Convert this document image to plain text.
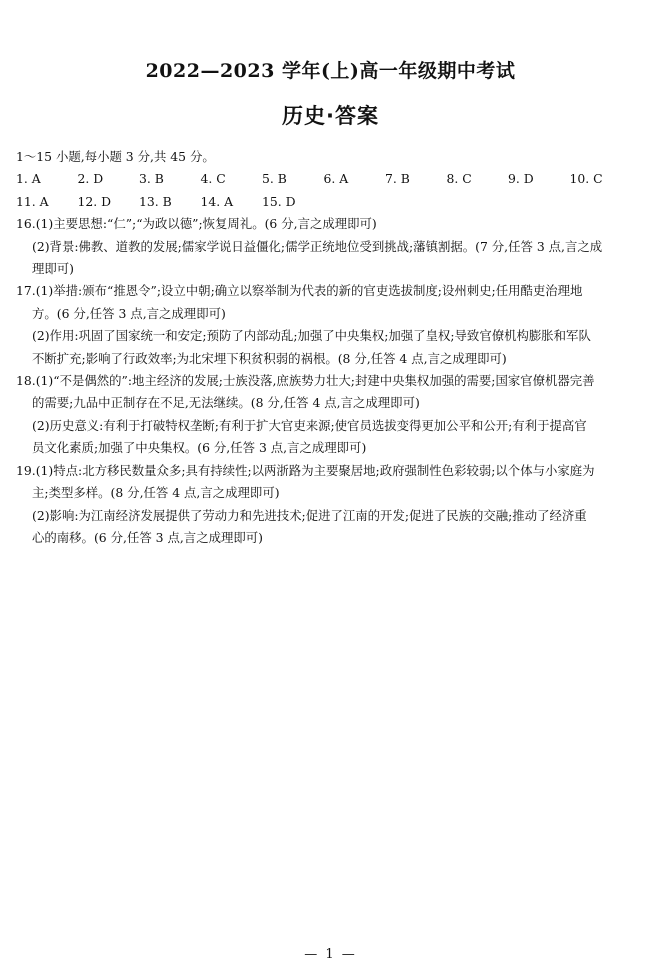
2022—2023 学年(上)高一年级期中考试
历史·答案
1～15 小题,每小题 3 分,共 45 分。
1. A	2. D	3. B	4. C	5. B	6. A	7. B	8. C	9. D	10. C
11. A	12. D	13. B	14. A	15. D
16.(1)主要思想:“仁”;“为政以德”;恢复周礼。(6 分,言之成理即可)
(2)背景:佛教、道教的发展;儒家学说日益僵化;儒学正统地位受到挑战;藩镇割据。(7 分,任答 3 点,言之成
理即可)
17.(1)举措:颁布“推恩令”;设立中朝;确立以察举制为代表的新的官吏选拔制度;设州刺史;任用酷吏治理地
方。(6 分,任答 3 点,言之成理即可)
(2)作用:巩固了国家统一和安定;预防了内部动乱;加强了中央集权;加强了皇权;导致官僚机构膨胀和军队
不断扩充;影响了行政效率;为北宋埋下积贫积弱的祸根。(8 分,任答 4 点,言之成理即可)
18.(1)“不是偶然的”:地主经济的发展;士族没落,庶族势力壮大;封建中央集权加强的需要;国家官僚机器完善
的需要;九品中正制存在不足,无法继续。(8 分,任答 4 点,言之成理即可)
(2)历史意义:有利于打破特权垄断;有利于扩大官吏来源;使官员选拔变得更加公平和公开;有利于提高官
员文化素质;加强了中央集权。(6 分,任答 3 点,言之成理即可)
19.(1)特点:北方移民数量众多;具有持续性;以两浙路为主要聚居地;政府强制性色彩较弱;以个体与小家庭为
主;类型多样。(8 分,任答 4 点,言之成理即可)
(2)影响:为江南经济发展提供了劳动力和先进技术;促进了江南的开发;促进了民族的交融;推动了经济重
心的南移。(6 分,任答 3 点,言之成理即可)
— 1 —
